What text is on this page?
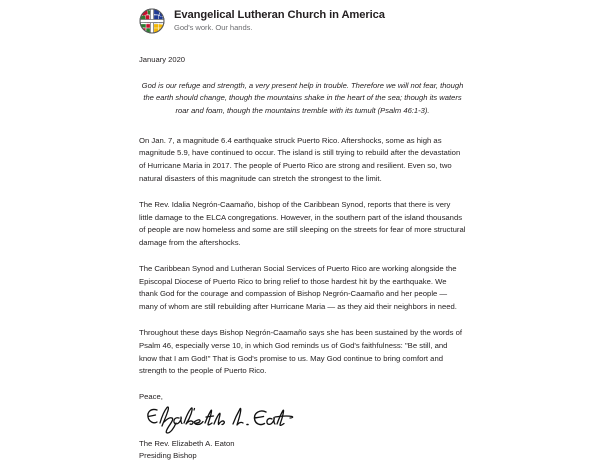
Evangelical Lutheran Church in America
God's work. Our hands.
January 2020

God is our refuge and strength, a very present help in trouble. Therefore we will not fear, though the earth should change, though the mountains shake in the heart of the sea; though its waters roar and foam, though the mountains tremble with its tumult (Psalm 46:1-3).

On Jan. 7, a magnitude 6.4 earthquake struck Puerto Rico. Aftershocks, some as high as magnitude 5.9, have continued to occur. The island is still trying to rebuild after the devastation of Hurricane Maria in 2017. The people of Puerto Rico are strong and resilient. Even so, two natural disasters of this magnitude can stretch the strongest to the limit.

The Rev. Idalia Negrón-Caamaño, bishop of the Caribbean Synod, reports that there is very little damage to the ELCA congregations. However, in the southern part of the island thousands of people are now homeless and some are still sleeping on the streets for fear of more structural damage from the aftershocks.

The Caribbean Synod and Lutheran Social Services of Puerto Rico are working alongside the Episcopal Diocese of Puerto Rico to bring relief to those hardest hit by the earthquake. We thank God for the courage and compassion of Bishop Negrón-Caamaño and her people — many of whom are still rebuilding after Hurricane Maria — as they aid their neighbors in need.

Throughout these days Bishop Negrón-Caamaño says she has been sustained by the words of Psalm 46, especially verse 10, in which God reminds us of God's faithfulness: "Be still, and know that I am God!" That is God's promise to us. May God continue to bring comfort and strength to the people of Puerto Rico.

Peace,

The Rev. Elizabeth A. Eaton

Presiding Bishop
